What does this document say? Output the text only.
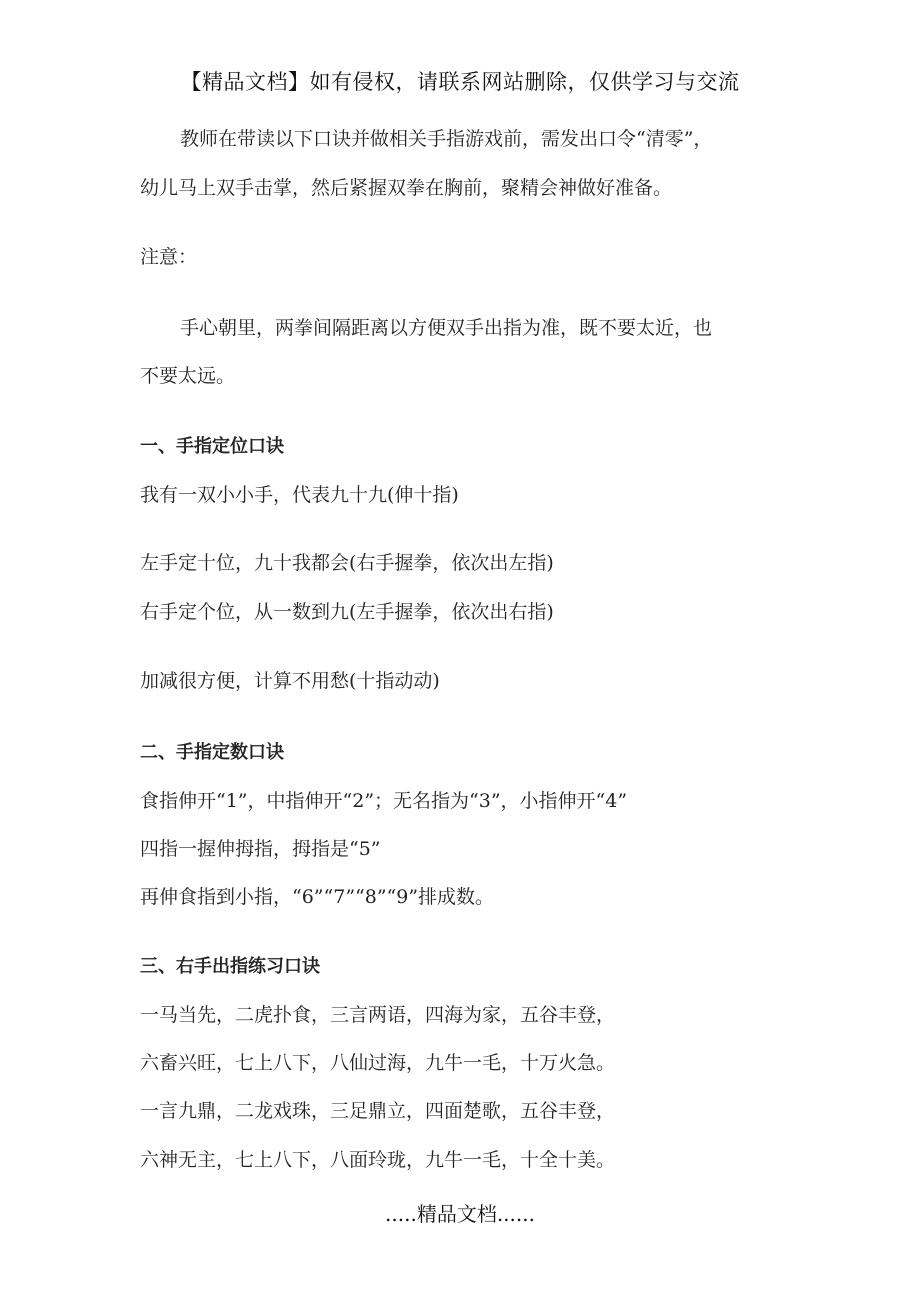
【精品文档】如有侵权，请联系网站删除，仅供学习与交流
教师在带读以下口诀并做相关手指游戏前，需发出口令“清零”，
幼儿马上双手击掌，然后紧握双拳在胸前，聚精会神做好准备。
注意：
手心朝里，两拳间隔距离以方便双手出指为准，既不要太近，也
不要太远。
一、手指定位口诀
我有一双小小手，代表九十九(伸十指)
左手定十位，九十我都会(右手握拳，依次出左指)
右手定个位，从一数到九(左手握拳，依次出右指)
加减很方便，计算不用愁(十指动动)
二、手指定数口诀
食指伸开“1”，中指伸开“2”；无名指为“3”，小指伸开“4”
四指一握伸拇指，拇指是“5”
再伸食指到小指，“6”“7”“8”“9”排成数。
三、右手出指练习口诀
一马当先，二虎扑食，三言两语，四海为家，五谷丰登，
六畜兴旺，七上八下，八仙过海，九牛一毛，十万火急。
一言九鼎，二龙戏珠，三足鼎立，四面楚歌，五谷丰登，
六神无主，七上八下，八面玲珑，九牛一毛，十全十美。
.....精品文档......
